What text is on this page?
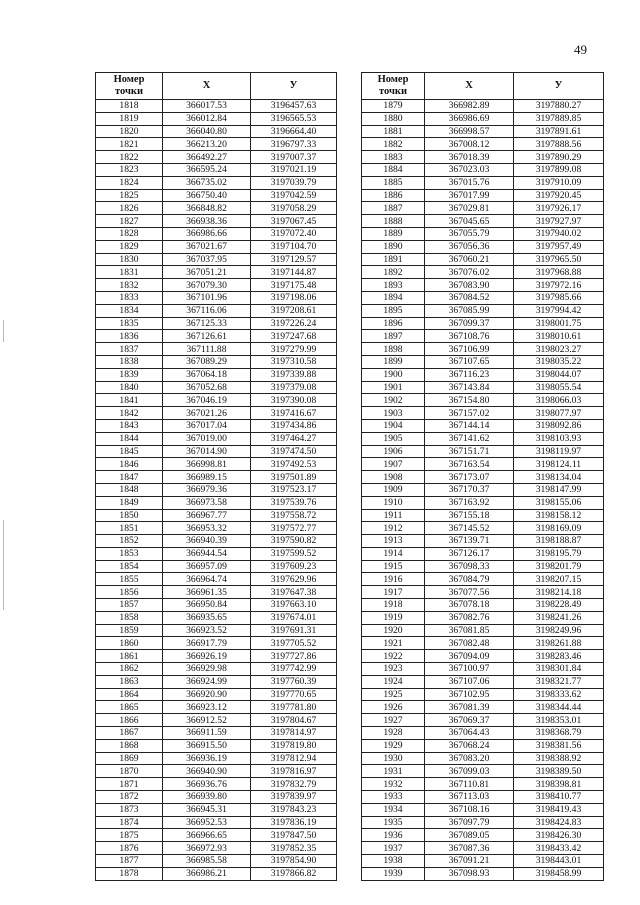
49
Номер
точки	X	У
1818	366017.53	3196457.63
1819	366012.84	3196565.53
1820	366040.80	3196664.40
1821	366213.20	3196797.33
1822	366492.27	3197007.37
1823	366595.24	3197021.19
1824	366735.02	3197039.79
1825	366750.40	3197042.59
1826	366848.82	3197058.29
1827	366938.36	3197067.45
1828	366986.66	3197072.40
1829	367021.67	3197104.70
1830	367037.95	3197129.57
1831	367051.21	3197144.87
1832	367079.30	3197175.48
1833	367101.96	3197198.06
1834	367116.06	3197208.61
1835	367125.33	3197226.24
1836	367126.61	3197247.68
1837	367111.88	3197279.99
1838	367089.29	3197310.58
1839	367064.18	3197339.88
1840	367052.68	3197379.08
1841	367046.19	3197390.08
1842	367021.26	3197416.67
1843	367017.04	3197434.86
1844	367019.00	3197464.27
1845	367014.90	3197474.50
1846	366998.81	3197492.53
1847	366989.15	3197501.89
1848	366979.36	3197523.17
1849	366973.58	3197539.76
1850	366967.77	3197558.72
1851	366953.32	3197572.77
1852	366940.39	3197590.82
1853	366944.54	3197599.52
1854	366957.09	3197609.23
1855	366964.74	3197629.96
1856	366961.35	3197647.38
1857	366950.84	3197663.10
1858	366935.65	3197674.01
1859	366923.52	3197691.31
1860	366917.79	3197705.52
1861	366926.19	3197727.86
1862	366929.98	3197742.99
1863	366924.99	3197760.39
1864	366920.90	3197770.65
1865	366923.12	3197781.80
1866	366912.52	3197804.67
1867	366911.59	3197814.97
1868	366915.50	3197819.80
1869	366936.19	3197812.94
1870	366940.90	3197816.97
1871	366936.76	3197832.79
1872	366939.80	3197839.97
1873	366945.31	3197843.23
1874	366952.53	3197836.19
1875	366966.65	3197847.50
1876	366972.93	3197852.35
1877	366985.58	3197854.90
1878	366986.21	3197866.82
Номер
точки	X	У
1879	366982.89	3197880.27
1880	366986.69	3197889.85
1881	366998.57	3197891.61
1882	367008.12	3197888.56
1883	367018.39	3197890.29
1884	367023.03	3197899.08
1885	367015.76	3197910.09
1886	367017.99	3197920.45
1887	367029.81	3197926.17
1888	367045.65	3197927.97
1889	367055.79	3197940.02
1890	367056.36	3197957.49
1891	367060.21	3197965.50
1892	367076.02	3197968.88
1893	367083.90	3197972.16
1894	367084.52	3197985.66
1895	367085.99	3197994.42
1896	367099.37	3198001.75
1897	367108.76	3198010.61
1898	367106.99	3198023.27
1899	367107.65	3198035.22
1900	367116.23	3198044.07
1901	367143.84	3198055.54
1902	367154.80	3198066.03
1903	367157.02	3198077.97
1904	367144.14	3198092.86
1905	367141.62	3198103.93
1906	367151.71	3198119.97
1907	367163.54	3198124.11
1908	367173.07	3198134.04
1909	367170.37	3198147.99
1910	367163.92	3198155.06
1911	367155.18	3198158.12
1912	367145.52	3198169.09
1913	367139.71	3198188.87
1914	367126.17	3198195.79
1915	367098.33	3198201.79
1916	367084.79	3198207.15
1917	367077.56	3198214.18
1918	367078.18	3198228.49
1919	367082.76	3198241.26
1920	367081.85	3198249.96
1921	367082.48	3198261.88
1922	367094.09	3198283.46
1923	367100.97	3198301.84
1924	367107.06	3198321.77
1925	367102.95	3198333.62
1926	367081.39	3198344.44
1927	367069.37	3198353.01
1928	367064.43	3198368.79
1929	367068.24	3198381.56
1930	367083.20	3198388.92
1931	367099.03	3198389.50
1932	367110.81	3198398.81
1933	367113.03	3198410.77
1934	367108.16	3198419.43
1935	367097.79	3198424.83
1936	367089.05	3198426.30
1937	367087.36	3198433.42
1938	367091.21	3198443.01
1939	367098.93	3198458.99
